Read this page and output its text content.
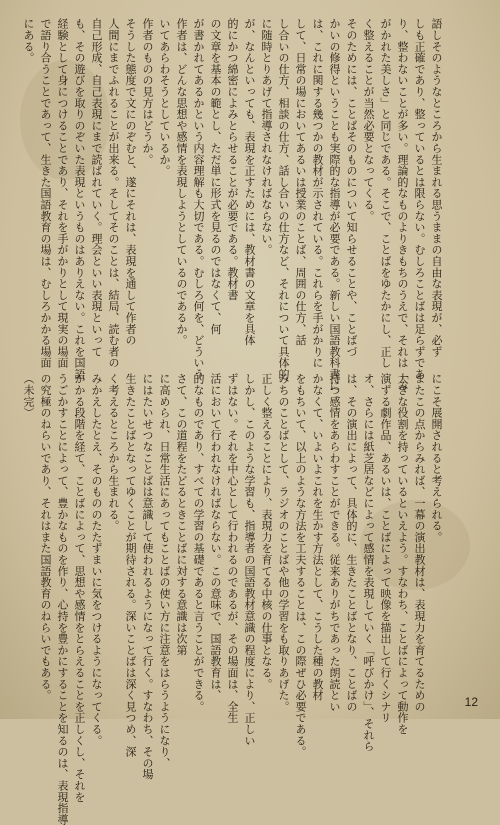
語しそのようなところから生まれる思うままの自由な表現が、必ず
しも正確であり、整っているとは限らない。むしろことばは足らずであ
り、整わないことが多い。理論的なものよりきもちのうえで、それは「み
がかれた美しさ」と同じである。そこで、ことばをゆたかにし、正し
く整えることが当然必要となってくる。
そのためには、ことばそのものについて知らせることや、ことばづ
かいの修得ということも実際的な指導が必要である。新しい国語教科書に
は、これに関する幾つかの教材が示されている。これらを手がかりに
して、日常の場においてあるいは授業のことば、周囲の仕方、話
し合いの仕方、相談の仕方、話し合いの仕方など、それについて具体的
に随時とりあげて指導されなければならない。
が、なんといっても、表現を正すためには、教材書の文章を具体
的にかつ綿密によみとらせることが必要である。教材書
の文章を基本の範とし、ただ単に形式を見るのではなくて、何
が書かれてあるかという内容理解も大切である。むしろ何を、どういう
作者は、どんな思想や感情を表現しようとしているのであるか。
いてあらわそうとしているか。
作者のものの見方はどうか。
そうした態度で文にのぞむと、遂にそれは、表現を通して作者の
人間にまでふれることが出来る。そしてそのことは、結局、読む者の
自己形成、自己表現にまで読ばれていく。理会といい表現といって
も、その遊びを取りのぞいた表現というものはありえない。これを国語
経験として身につけることであり、それを手がかりとして現実の場面
で語り合うことであって、生きた国語教育の場は、むしろかかる場面
にある。
にこそ展開されると考えられる。
またこの点からみれば、一幕の演出教材は、表現力を育てるための
大きな役割を持っているといえよう。すなわち、ことばによって動作を
演ずる劇作品、あるいは、ことばによって映像を描出して行くシナリ
オ、さらには紙芝居などによって感情を表現していく「呼びかけ」、それら
は、その演出によって、具体的に、生きたことばとなり、ことばの
持つ感情をあらわすことができる。従来ありがちであった朗読とい
かなくて、いよいよこれを生かす方法として、こうした種の教材
をもちいて、以上のような方法を工夫することは、この際ぜひ必要である。
みちのことばとして、ラジオのことばや他の学習をも取りあげた。
正しく整えることにより、表現力を育てる中核の仕事となる。
しかし、このような学習も、指導者の国語教材意識の程度により、正しい
ずはない。それを中心として行われるのであるが、その場面は、全生
活において行われなければならない。この意味で、国語教育は、
的なものであり、すべての学習の基礎であると言うことができる。
さて、この道程をたどるときことばに対する意識は次第
に高められ、日常生活にあってもことばの使い方に注意をはらうようになり、
にはたいせつなことばは意識して使われるようになって行く。すなわち、その場
生きたことばとなってゆくことが期待される。深いことばは深く見つめ、深
く考えるところから生まれる。
みかえしたとえ、そのもののたたずまいに気をつけるようになってくる。
かかる段階を経て、ことばによって、思想や感情をとらえることを正しくし、それを
うごかすことによって、豊かなものを作り、心持を豊かにすることを知るのは、表現指導
の究極のねらいであり、それはまた国語教育のねらいでもある。
（未完）
12
